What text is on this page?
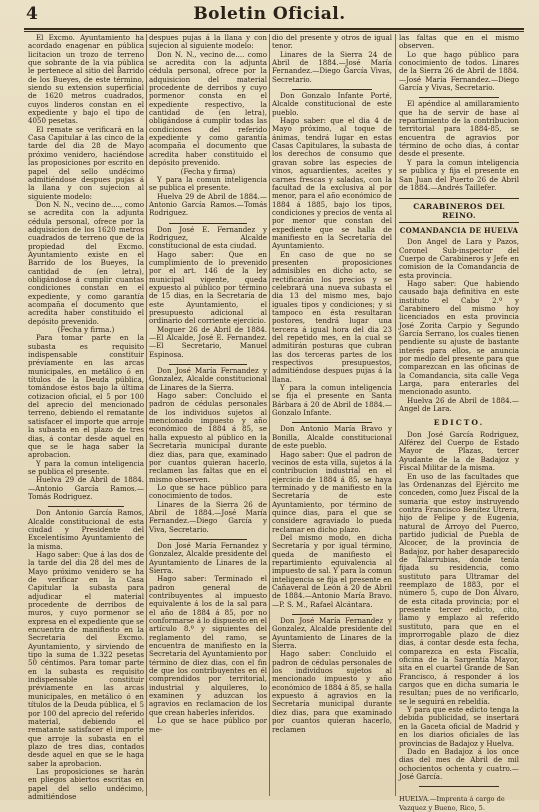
4	Boletin Oficial.

El Excmo. Ayuntamiento ha acordado enagenar en pública licitacion un trozo de terreno que sobrante de la via pública le pertenece al sitio del Barrido de los Bueyes, de este término, siendo su extension superficial de 1620 metros cuadrados, cuyos linderos constan en el expediente y bajo el tipo de 4050 pesetas.

El remate se verificará en la Casa Capitular á las cinco de la tarde del dia 28 de Mayo próximo venidero, haciéndose las proposiciones por escrito en papel del sello undécimo admitiéndose despues pujas á la llana y con sujecion al siguiente modelo:

Don N. N., vecino de...., como se acredita con la adjunta cédula personal, ofrece por la adquisicion de los 1620 metros cuadrados de terreno que de la propiedad del Excmo. Ayuntamiento existe en el Barrido de los Bueyes, la cantidad de (en letra), obligándose á cumplir cuantas condiciones constan en el expediente, y como garantía acompaña el documento que acredita haber constituido el depósito prevenido.

(Fecha y firma.)

Para tomar parte en la subasta es requisito indispensable constituir préviamente en las arcas municipales, en metálico ó en títulos de la Deuda pública, tomándose éstos bajo la última cotizacion oficial, el 5 por 100 del aprecio del mencionado terreno, debiendo el rematante satisfacer el importe que arroje la subasta en el plazo de tres dias, á contar desde aquel en que se le haga saber la aprobacion.

Y para la comun inteligencia se publica el presente.

Huelva 29 de Abril de 1884.—Antonio García Ramos.—Tomás Rodriguez.

Don Antonio García Ramos, Alcalde constitucional de esta ciudad y Presidente del Excelentísimo Ayuntamiento de la misma.

Hago saber: Que á las dos de la tarde del dia 28 del mes de Mayo próximo venidero se ha de verificar en la Casa Capitular la subasta para adjudicar el material procedente de derribos de muros, y cuyo pormenor se expresa en el expediente que se encuentra de manifiesto en la Secretaría del Excmo. Ayuntamiento, y sirviendo de tipo la suma de 1.322 pesetas 50 céntimos. Para tomar parte en la subasta es requisito indispensable constituir préviamente en las arcas municipales, en metálico ó en títulos de la Deuda pública, el 5 por 100 del aprecio del referido material, debiendo el rematante satisfacer el importe que arroje la subasta en el plazo de tres dias, contados desde aquel en que se le haga saber la aprobacion.

Las proposiciones se harán en pliegos abiertos escritas en papel del sello undécimo, admitiéndose

despues pujas á la llana y con sujecion al siguiente modelo:

Don N. N., vecino de.... como se acredita con la adjunta cédula personal, ofrece por la adquisicion del material procedente de derribos y cuyo pormenor consta en el expediente respectivo, la cantidad de (en letra), obligándose á cumplir todas las condiciones del referido expediente y como garantía acompaña el documento que acredita haber constituido el depósito prevenido.

(Fecha y firma)

Y para la comun inteligencia se publica el presente.

Huelva 29 de Abril de 1884.—Antonio García Ramos.—Tomás Rodriguez.

Don José E. Fernandez y Rodriguez, Alcalde constitucional de esta ciudad.

Hago saber: Que en cumplimiento de lo prevenido por el art. 146 de la ley municipal vigente, queda expuesto al público por término de 15 dias, en la Secretaría de este Ayuntamiento, el presupuesto adicional al ordinario del corriente ejercicio.

Moguer 26 de Abril de 1884.—El Alcalde, José E. Fernandez.—El Secretario, Manuel Espinosa.

Don José María Fernandez y Gonzalez, Alcalde constitucional de Linares de la Sierra.

Hago saber: Concluido el padron de cédulas personales de los individuos sujetos al mencionado impuesto y año económico de 1884 á 85, se halla expuesto al público en la Secretaría municipal durante diez dias, para que, examinado por cuantos quieran hacerlo, reclamen las faltas que en el mismo observen.

Lo que se hace público para conocimiento de todos.

Linares de la Sierra 26 de Abril de 1884.—José María Fernandez.—Diego García y Viva, Secretario.

Don José María Fernandez y Gonzalez, Alcalde presidente del Ayuntamiento de Linares de la Sierra.

Hago saber: Terminado el padron general de contribuyentes al impuesto equivalente á los de la sal para el año de 1884 á 85, por no conformarse á lo dispuesto en el artículo 8.º y siguientes del reglamento del ramo, se encuentra de manifiesto en la Secretaría del Ayuntamiento por término de diez dias, con el fin de que los contribuyentes en él comprendidos por territorial, industrial y alquileres, lo examinen y aduzcan los agravios en reclamacion de los que crean haberles inferidos.

Lo que se hace público por me-

dio del presente y otros de igual tenor.

Linares de la Sierra 24 de Abril de 1884.—José María Fernandez.—Diego García Vivas, Secretario.

Don Gonzalo Infante Porté, Alcalde constitucional de este pueblo.

Hago saber: que el dia 4 de Mayo próximo, al toque de ánimas, tendrá lugar en estas Casas Capitulares, la subasta de los derechos de consumo que gravan sobre las especies de vinos, aguardientes, aceites y carnes frescas y saladas, con la facultad de la exclusiva al por menor, para el año económico de 1884 á 1885, bajo los tipos, condiciones y precios de venta al por menor que constan del expediente que se halla de manifiesto en la Secretaría del Ayuntamiento.

En caso de que no se presenten proposiciones admisibles en dicho acto, se rectificarán los precios y se celebrará una nueva subasta el dia 13 del mismo mes, bajo iguales tipos y condiciones; y si tampoco en ésta resultaran postores, tendrá lugar una tercera á igual hora del dia 23 del repetido mes, en la cual se admitirán posturas que cubran las dos terceras partes de los respectivos presupuestos, admitiéndose despues pujas á la llana.

Y para la comun inteligencia se fija el presente en Santa Bárbara á 20 de Abril de 1884.—Gonzalo Infante.

Don Antonio María Bravo y Bonilla, Alcalde constitucional de este pueblo.

Hago saber: Que el padron de vecinos de esta villa, sujetos á la contribucion industrial en el ejercicio de 1884 á 85, se haya terminado y de manifiesto en la Secretaría de este Ayuntamiento, por término de quince dias, para el que se considere agraviado lo pueda reclamar en dicho plazo.

Del mismo modo, en dicha Secretaría y por igual término, queda de manifiesto el repartimiento equivalencia al impuesto de sal. Y para la comun inteligencia se fija el presente en Cañaveral de León á 20 de Abril de 1884.—Antonio María Bravo.—P. S. M., Rafael Alcántara.

Don José María Fernandez y Gonzalez, Alcalde presidente del Ayuntamiento de Linares de la Sierra.

Hago saber: Concluido el padron de cédulas personales de los individuos sujetos al mencionado impuesto y año económico de 1884 á 85, se halla expuesto á agravios en la Secretaría municipal durante diez dias, para que examinado por cuantos quieran hacerlo, reclamen

las faltas que en el mismo observen.

Lo que hago público para conocimiento de todos. Linares de la Sierra 26 de Abril de 1884.—José María Fernandez.—Diego García y Vivas, Secretario.

El apéndice al amillaramiento que ha de servir de base al repartimiento de la contribucion territorial para 1884-85, se encuentra de agravios por término de ocho dias, á contar desde el presente.

Y para la comun inteligencia se publica y fija el presente en San Juan del Puerto 26 de Abril de 1884.—Andrés Taillefer.

CARABINEROS DEL REINO.
COMANDANCIA DE HUELVA

Don Angel de Lara y Pazos, Coronel Sub-inspector del Cuerpo de Carabineros y Jefe en comision de la Comandancia de esta provincia.

Hago saber: Que habiendo causado baja definitiva en este instituto el Cabo 2.º y Carabinero del mismo hoy licenciados en esta provincia José Zorita Carpio y Segundo García Serrano, los cuales tienen pendiente su ajuste de bastante interés para ellos, se anuncia por medio del presente para que comparezcan en las oficinas de la Comandancia, sita calle Vega Larga, para enterarles del mencionado asunto.

Huelva 26 de Abril de 1884.—Angel de Lara.

EDICTO.

Don José García Rodriguez, Alférez del Cuerpo de Estado Mayor de Plazas, tercer Ayudante de la de Badajoz y Fiscal Militar de la misma.

En uso de las facultades que las Ordenanzas del Ejército me conceden, como Juez Fiscal de la sumaria que estoy instruyendo contra Francisco Benítez Utrera, hijo de Felipe y de Eugenia, natural de Arroyo del Puerco, partido judicial de Puebla de Alcocer, de la provincia de Badajoz, por haber desaparecido de Talarrubias, donde tenía fijada su residencia, como sustituto para Ultramar del reemplazo de 1883, por el número 5, cupo de Don Álvaro, de esta citada provincia; por el presente tercer edicto, cito, llamo y emplazo al referido sustituto, para que en el improrrogable plazo de diez dias, á contar desde esta fecha, comparezca en esta Fiscalía, oficina de la Sargentía Mayor, sita en el cuartel Grande de San Francisco, á responder á los cargos que en dicha sumaria le resultan; pues de no verificarlo, se le seguirá en rebeldía.

Y para que este edicto tenga la debida publicidad, se insertará en la Gaceta oficial de Madrid y en los diarios oficiales de las provincias de Badajoz y Huelva.

Dado en Badajoz á los once dias del mes de Abril de mil ochocientos ochenta y cuatro.—José García.

HUELVA.—Imprenta á cargo de Vazquez y Bueno, Rico, 5.
